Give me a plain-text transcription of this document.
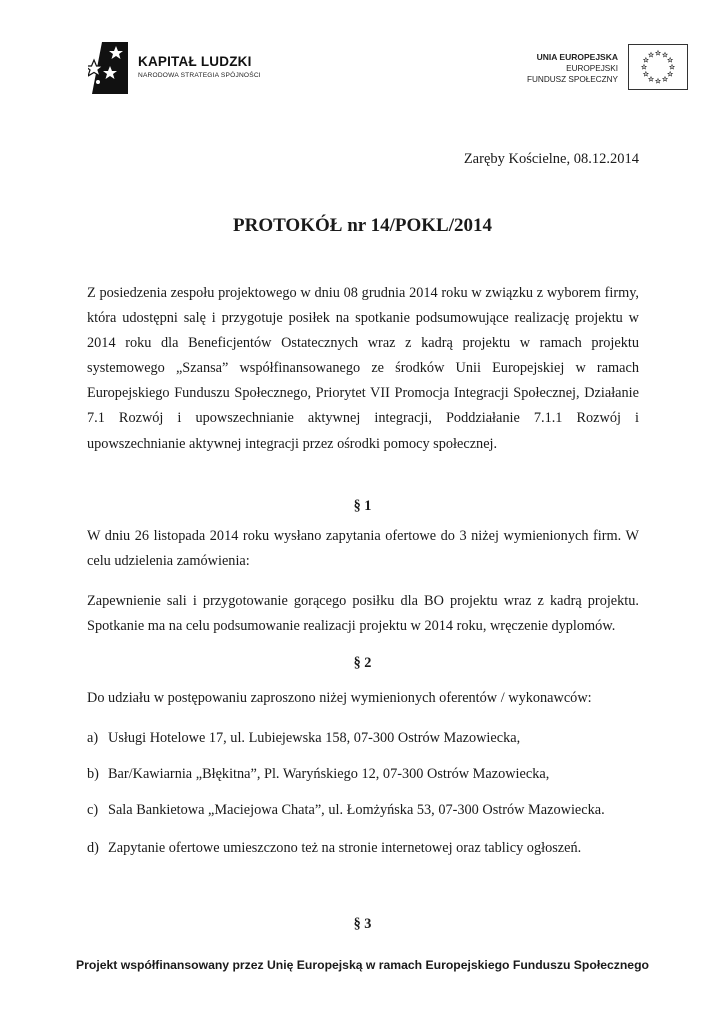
KAPITAŁ LUDZKI
NARODOWA STRATEGIA SPÓJNOŚCI
UNIA EUROPEJSKA
EUROPEJSKI
FUNDUSZ SPOŁECZNY
Zaręby Kościelne, 08.12.2014
PROTOKÓŁ nr 14/POKL/2014

Z posiedzenia zespołu projektowego w dniu 08 grudnia 2014 roku w związku z wyborem firmy, która udostępni salę i przygotuje posiłek na spotkanie podsumowujące realizację projektu w 2014 roku dla Beneficjentów Ostatecznych wraz z kadrą projektu w ramach projektu systemowego „Szansa” współfinansowanego ze środków Unii Europejskiej w ramach Europejskiego Funduszu Społecznego, Priorytet VII Promocja Integracji Społecznej, Działanie 7.1 Rozwój i upowszechnianie aktywnej integracji, Poddziałanie 7.1.1 Rozwój i upowszechnianie aktywnej integracji przez ośrodki pomocy społecznej.

§ 1

W dniu 26 listopada 2014 roku wysłano zapytania ofertowe do 3 niżej wymienionych firm. W celu udzielenia zamówienia:

Zapewnienie sali i przygotowanie gorącego posiłku dla BO projektu wraz z kadrą projektu. Spotkanie ma na celu podsumowanie realizacji projektu w 2014 roku, wręczenie dyplomów.

§ 2

Do udziału w postępowaniu zaproszono niżej wymienionych oferentów / wykonawców:

a) Usługi Hotelowe 17, ul. Lubiejewska 158, 07-300 Ostrów Mazowiecka,
b) Bar/Kawiarnia „Błękitna”, Pl. Waryńskiego 12, 07-300 Ostrów Mazowiecka,
c) Sala Bankietowa „Maciejowa Chata”, ul. Łomżyńska 53, 07-300 Ostrów Mazowiecka.
d) Zapytanie ofertowe umieszczono też na stronie internetowej oraz tablicy ogłoszeń.
§ 3
Projekt współfinansowany przez Unię Europejską w ramach Europejskiego Funduszu Społecznego
